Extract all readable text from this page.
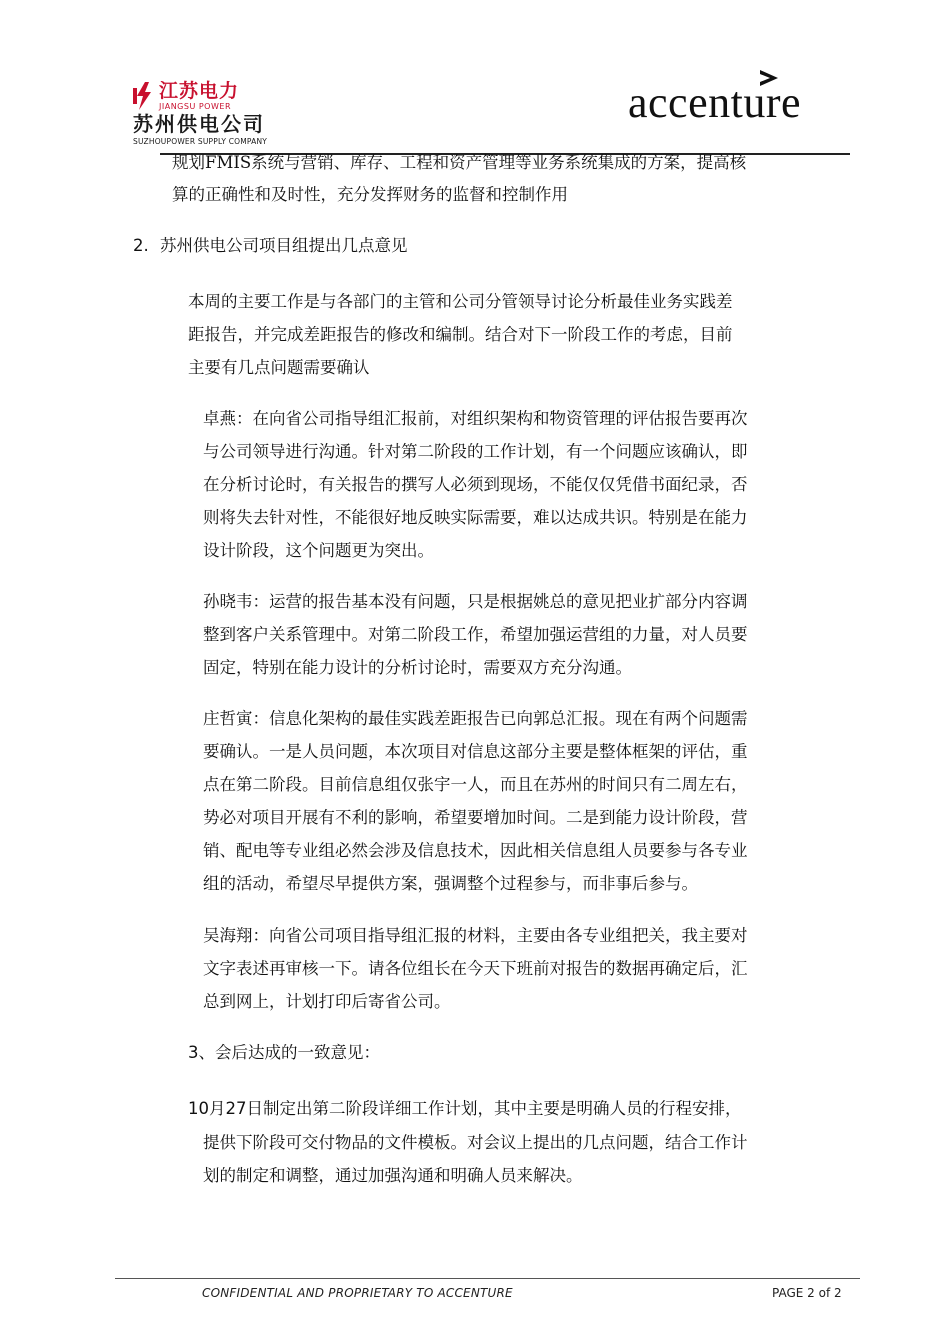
江苏电力
JIANGSU POWER
苏州供电公司
SUZHOUPOWER SUPPLY COMPANY
accenture
规划FMIS系统与营销、库存、工程和资产管理等业务系统集成的方案，提高核
算的正确性和及时性，充分发挥财务的监督和控制作用
2. 苏州供电公司项目组提出几点意见
本周的主要工作是与各部门的主管和公司分管领导讨论分析最佳业务实践差
距报告，并完成差距报告的修改和编制。结合对下一阶段工作的考虑，目前
主要有几点问题需要确认
卓燕：在向省公司指导组汇报前，对组织架构和物资管理的评估报告要再次
与公司领导进行沟通。针对第二阶段的工作计划，有一个问题应该确认，即
在分析讨论时，有关报告的撰写人必须到现场，不能仅仅凭借书面纪录，否
则将失去针对性，不能很好地反映实际需要，难以达成共识。特别是在能力
设计阶段，这个问题更为突出。
孙晓韦：运营的报告基本没有问题，只是根据姚总的意见把业扩部分内容调
整到客户关系管理中。对第二阶段工作，希望加强运营组的力量，对人员要
固定，特别在能力设计的分析讨论时，需要双方充分沟通。
庄哲寅：信息化架构的最佳实践差距报告已向郭总汇报。现在有两个问题需
要确认。一是人员问题，本次项目对信息这部分主要是整体框架的评估，重
点在第二阶段。目前信息组仅张宇一人，而且在苏州的时间只有二周左右，
势必对项目开展有不利的影响，希望要增加时间。二是到能力设计阶段，营
销、配电等专业组必然会涉及信息技术，因此相关信息组人员要参与各专业
组的活动，希望尽早提供方案，强调整个过程参与，而非事后参与。
吴海翔：向省公司项目指导组汇报的材料，主要由各专业组把关，我主要对
文字表述再审核一下。请各位组长在今天下班前对报告的数据再确定后，汇
总到网上，计划打印后寄省公司。
3、会后达成的一致意见：
10月27日制定出第二阶段详细工作计划，其中主要是明确人员的行程安排，
提供下阶段可交付物品的文件模板。对会议上提出的几点问题，结合工作计
划的制定和调整，通过加强沟通和明确人员来解决。
CONFIDENTIAL AND PROPRIETARY TO ACCENTURE	PAGE 2 of 2
